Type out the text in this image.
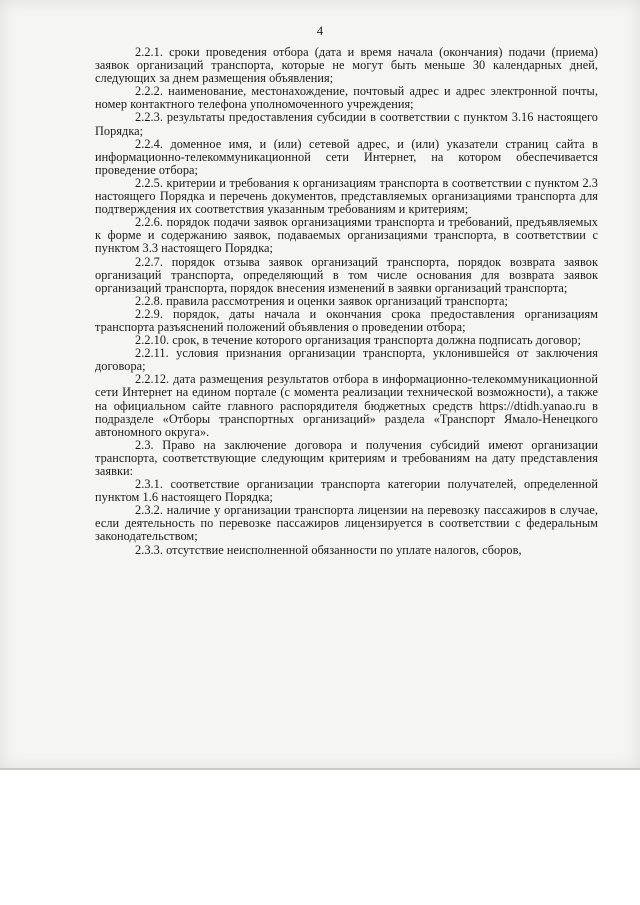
4

2.2.1. сроки проведения отбора (дата и время начала (окончания) подачи (приема) заявок организаций транспорта, которые не могут быть меньше 30 календарных дней, следующих за днем размещения объявления;

2.2.2. наименование, местонахождение, почтовый адрес и адрес электронной почты, номер контактного телефона уполномоченного учреждения;

2.2.3. результаты предоставления субсидии в соответствии с пунктом 3.16 настоящего Порядка;

2.2.4. доменное имя, и (или) сетевой адрес, и (или) указатели страниц сайта в информационно-телекоммуникационной сети Интернет, на котором обеспечивается проведение отбора;

2.2.5. критерии и требования к организациям транспорта в соответствии с пунктом 2.3 настоящего Порядка и перечень документов, представляемых организациями транспорта для подтверждения их соответствия указанным требованиям и критериям;

2.2.6. порядок подачи заявок организациями транспорта и требований, предъявляемых к форме и содержанию заявок, подаваемых организациями транспорта, в соответствии с пунктом 3.3 настоящего Порядка;

2.2.7. порядок отзыва заявок организаций транспорта, порядок возврата заявок организаций транспорта, определяющий в том числе основания для возврата заявок организаций транспорта, порядок внесения изменений в заявки организаций транспорта;

2.2.8. правила рассмотрения и оценки заявок организаций транспорта;

2.2.9. порядок, даты начала и окончания срока предоставления организациям транспорта разъяснений положений объявления о проведении отбора;

2.2.10. срок, в течение которого организация транспорта должна подписать договор;

2.2.11. условия признания организации транспорта, уклонившейся от заключения договора;

2.2.12. дата размещения результатов отбора в информационно-телекоммуникационной сети Интернет на едином портале (с момента реализации технической возможности), а также на официальном сайте главного распорядителя бюджетных средств https://dtidh.yanao.ru в подразделе «Отборы транспортных организаций» раздела «Транспорт Ямало-Ненецкого автономного округа».

2.3. Право на заключение договора и получения субсидий имеют организации транспорта, соответствующие следующим критериям и требованиям на дату представления заявки:

2.3.1. соответствие организации транспорта категории получателей, определенной пунктом 1.6 настоящего Порядка;

2.3.2. наличие у организации транспорта лицензии на перевозку пассажиров в случае, если деятельность по перевозке пассажиров лицензируется в соответствии с федеральным законодательством;

2.3.3. отсутствие неисполненной обязанности по уплате налогов, сборов,
